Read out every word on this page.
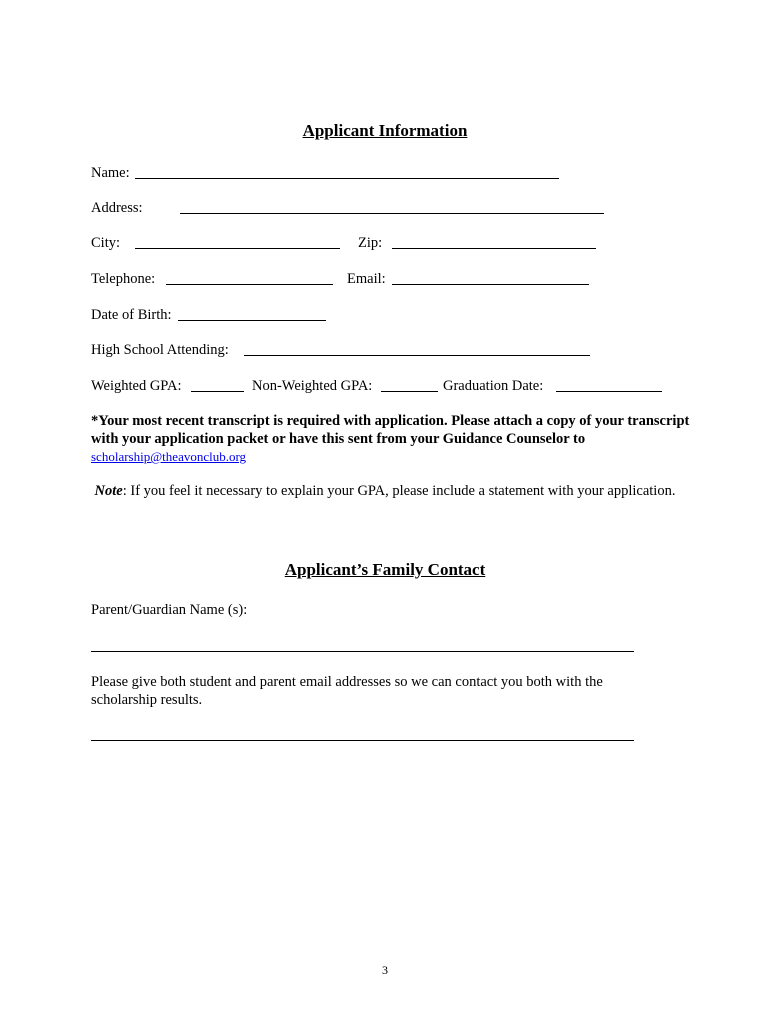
Applicant Information
Name:
Address:
City:	Zip:
Telephone:	Email:
Date of Birth:
High School Attending:
Weighted GPA:	Non-Weighted GPA:	Graduation Date:
*Your most recent transcript is required with application. Please attach a copy of your transcript with your application packet or have this sent from your Guidance Counselor to
scholarship@theavonclub.org
Note: If you feel it necessary to explain your GPA, please include a statement with your application.
Applicant’s Family Contact
Parent/Guardian Name (s):
Please give both student and parent email addresses so we can contact you both with the scholarship results.
3
